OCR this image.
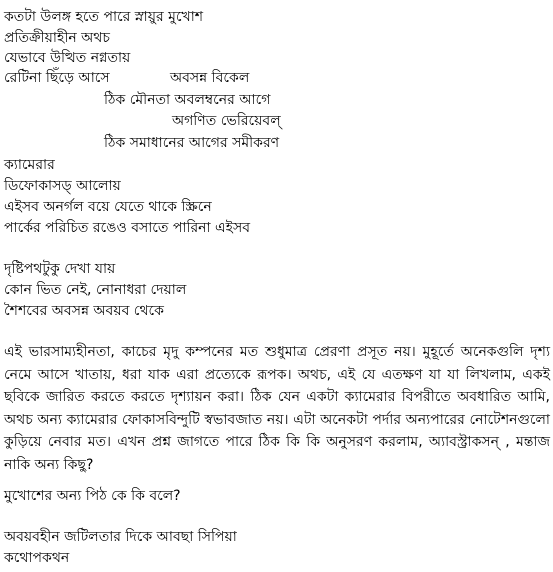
কতটা উলঙ্গ হতে পারে স্নায়ুর মুখোশ
প্রতিক্রীয়াহীন অথচ
যেভাবে উত্থিত নগ্নতায়
রেটিনা ছিঁড়ে আসে	অবসন্ন বিকেল
ঠিক মৌনতা অবলম্বনের আগে
অগণিত ভেরিয়েবল্
ঠিক সমাধানের আগের সমীকরণ
ক্যামেরার
ডিফোকাসড্ আলোয়
এইসব অনর্গল বয়ে যেতে থাকে স্ক্রিনে
পার্কের পরিচিত রঙেও বসাতে পারিনা এইসব
দৃষ্টিপথটুকু দেখা যায়
কোন ভিত নেই, নোনাধরা দেয়াল
শৈশবের অবসন্ন অবয়ব থেকে
এই ভারসাম্যহীনতা, কাচের মৃদু কম্পনের মত শুধুমাত্র প্রেরণা প্রসূত নয়। মুহূর্তে অনেকগুলি দৃশ্য নেমে আসে খাতায়, ধরা যাক এরা প্রত্যেকে রূপক। অথচ, এই যে এতক্ষণ যা যা লিখলাম, একই ছবিকে জারিত করতে করতে দৃশ্যায়ন করা। ঠিক যেন একটা ক্যামেরার বিপরীতে অবধারিত আমি, অথচ অন্য ক্যামেরার ফোকাসবিন্দুটি স্বভাবজাত নয়। এটা অনেকটা পর্দার অন্যপারের নোটেশনগুলো কুড়িয়ে নেবার মত। এখন প্রশ্ন জাগতে পারে ঠিক কি কি অনুসরণ করলাম, অ্যাবস্ট্রাকসন্ , মন্তাজ নাকি অন্য কিছু?
মুখোশের অন্য পিঠ কে কি বলে?
অবয়বহীন জটিলতার দিকে আবছা সিপিয়া
কথোপকথন
